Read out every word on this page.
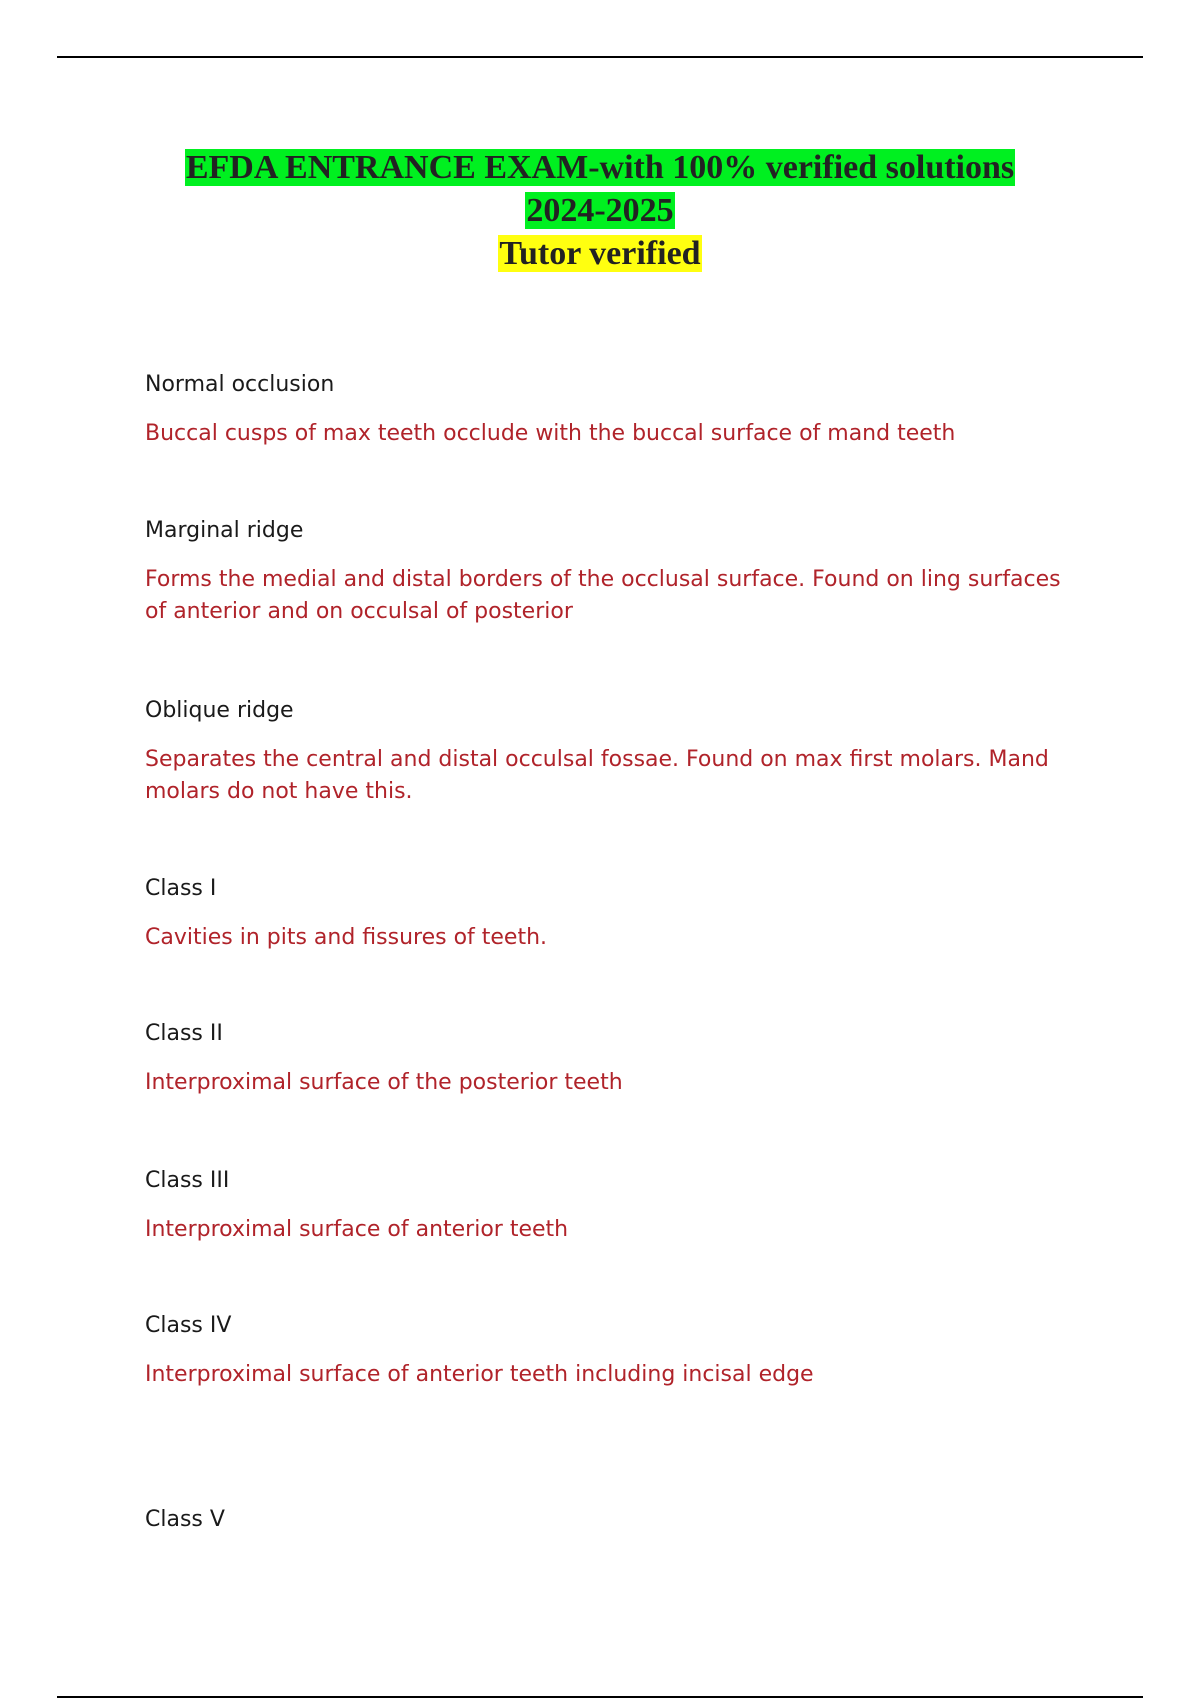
EFDA ENTRANCE EXAM-with 100% verified solutions
2024-2025
Tutor verified
Normal occlusion
Buccal cusps of max teeth occlude with the buccal surface of mand teeth
Marginal ridge
Forms the medial and distal borders of the occlusal surface. Found on ling surfaces of anterior and on occulsal of posterior
Oblique ridge
Separates the central and distal occulsal fossae. Found on max first molars. Mand molars do not have this.
Class I
Cavities in pits and fissures of teeth.
Class II
Interproximal surface of the posterior teeth
Class III
Interproximal surface of anterior teeth
Class IV
Interproximal surface of anterior teeth including incisal edge
Class V
